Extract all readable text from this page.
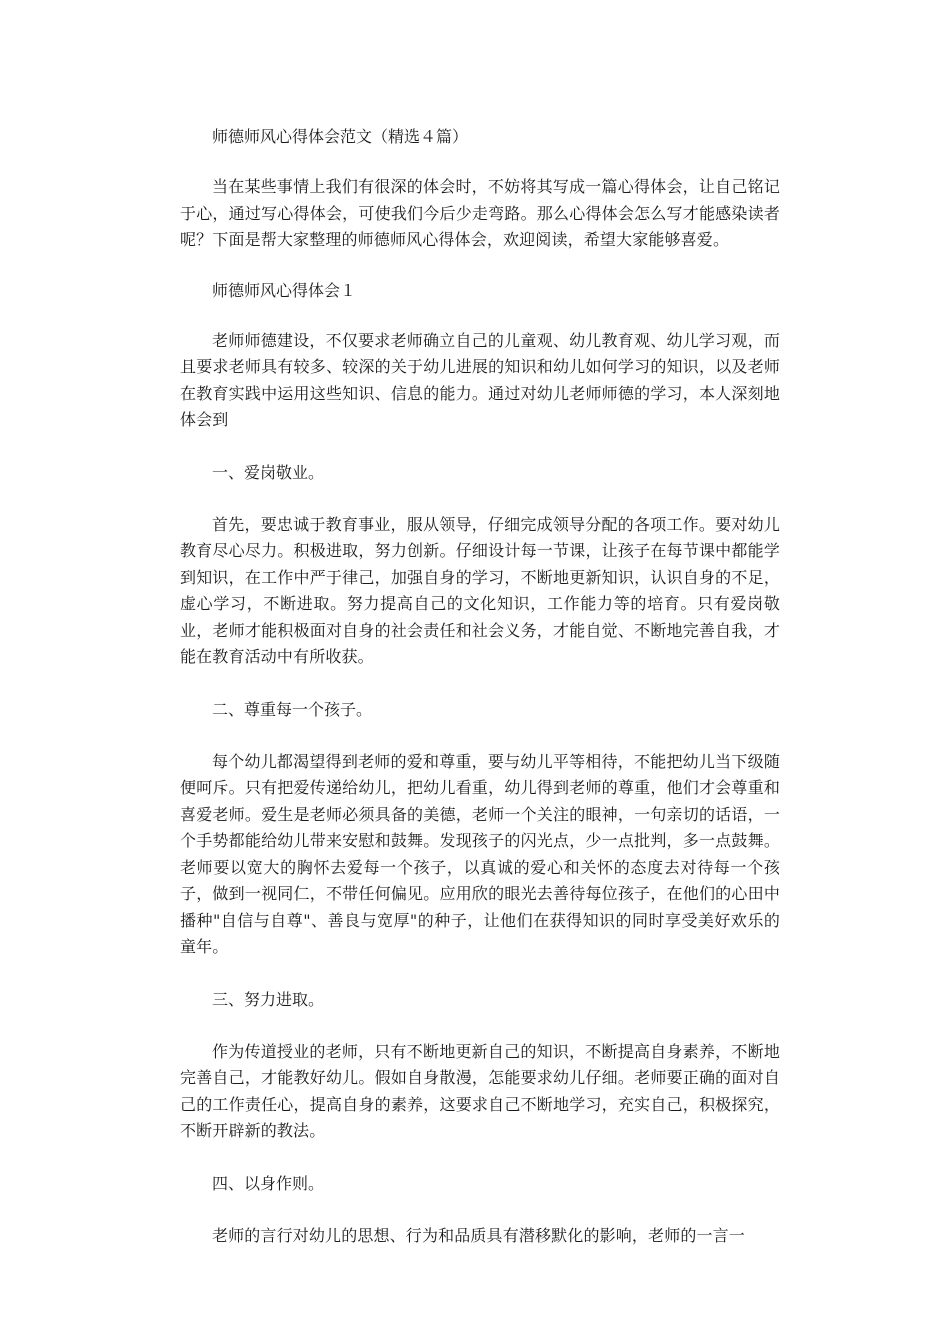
师德师风心得体会范文（精选４篇）

当在某些事情上我们有很深的体会时，不妨将其写成一篇心得体会，让自己铭记于心，通过写心得体会，可使我们今后少走弯路。那么心得体会怎么写才能感染读者呢？下面是帮大家整理的师德师风心得体会，欢迎阅读，希望大家能够喜爱。

师德师风心得体会１

老师师德建设，不仅要求老师确立自己的儿童观、幼儿教育观、幼儿学习观，而且要求老师具有较多、较深的关于幼儿进展的知识和幼儿如何学习的知识，以及老师在教育实践中运用这些知识、信息的能力。通过对幼儿老师师德的学习，本人深刻地体会到

一、爱岗敬业。

首先，要忠诚于教育事业，服从领导，仔细完成领导分配的各项工作。要对幼儿教育尽心尽力。积极进取，努力创新。仔细设计每一节课，让孩子在每节课中都能学到知识，在工作中严于律己，加强自身的学习，不断地更新知识，认识自身的不足，虚心学习，不断进取。努力提高自己的文化知识，工作能力等的培育。只有爱岗敬业，老师才能积极面对自身的社会责任和社会义务，才能自觉、不断地完善自我，才能在教育活动中有所收获。

二、尊重每一个孩子。

每个幼儿都渴望得到老师的爱和尊重，要与幼儿平等相待，不能把幼儿当下级随便呵斥。只有把爱传递给幼儿，把幼儿看重，幼儿得到老师的尊重，他们才会尊重和喜爱老师。爱生是老师必须具备的美德，老师一个关注的眼神，一句亲切的话语，一个手势都能给幼儿带来安慰和鼓舞。发现孩子的闪光点，少一点批判，多一点鼓舞。老师要以宽大的胸怀去爱每一个孩子，以真诚的爱心和关怀的态度去对待每一个孩子，做到一视同仁，不带任何偏见。应用欣的眼光去善待每位孩子，在他们的心田中播种"自信与自尊"、善良与宽厚"的种子，让他们在获得知识的同时享受美好欢乐的童年。

三、努力进取。

作为传道授业的老师，只有不断地更新自己的知识，不断提高自身素养，不断地完善自己，才能教好幼儿。假如自身散漫，怎能要求幼儿仔细。老师要正确的面对自己的工作责任心，提高自身的素养，这要求自己不断地学习，充实自己，积极探究，不断开辟新的教法。

四、以身作则。

老师的言行对幼儿的思想、行为和品质具有潜移默化的影响，老师的一言一
